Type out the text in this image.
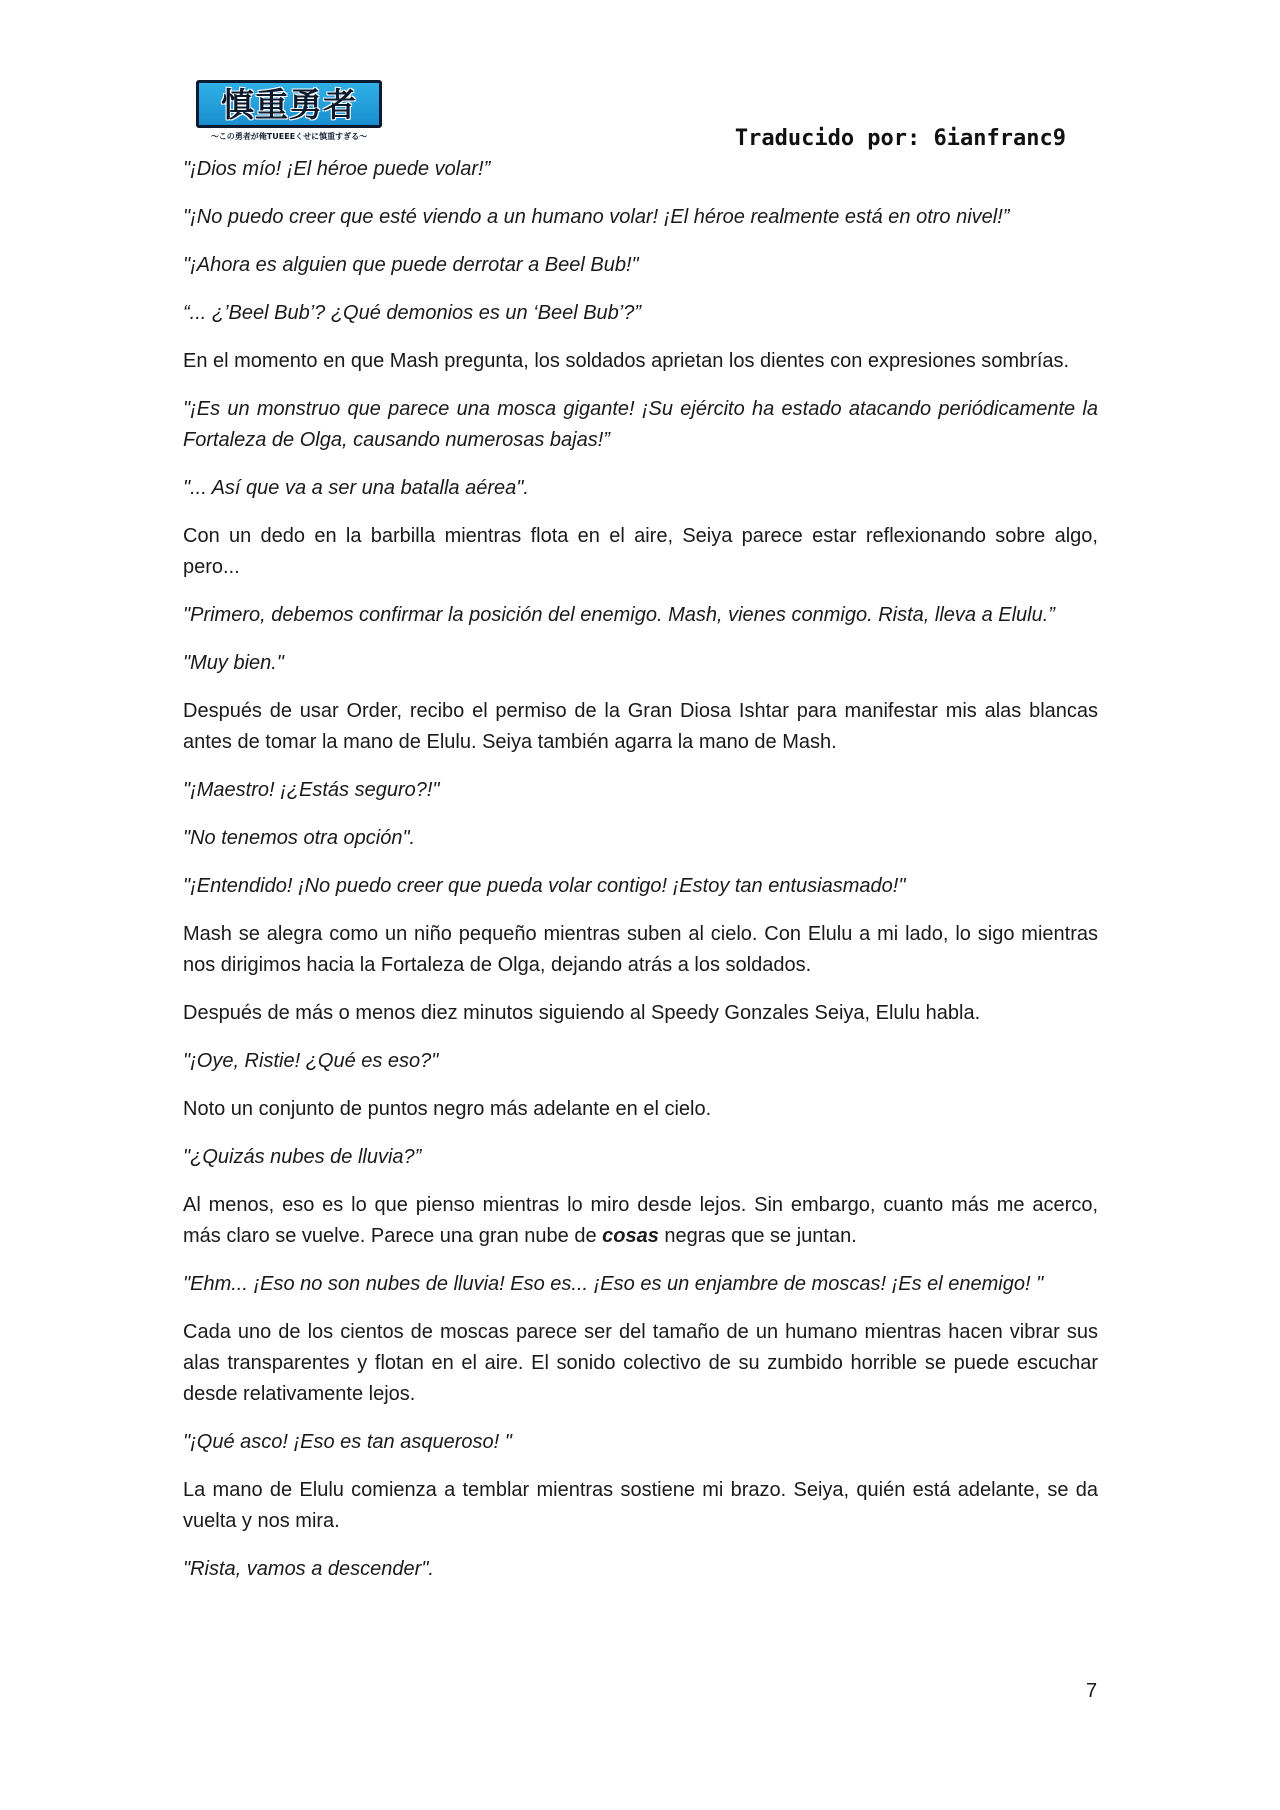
慎重勇者
〜この勇者が俺TUEEEくせに慎重すぎる〜	Traducido por: 6ianfranc9

"¡Dios mío! ¡El héroe puede volar!”

"¡No puedo creer que esté viendo a un humano volar! ¡El héroe realmente está en otro nivel!”

"¡Ahora es alguien que puede derrotar a Beel Bub!"

“... ¿’Beel Bub’? ¿Qué demonios es un ‘Beel Bub’?”

En el momento en que Mash pregunta, los soldados aprietan los dientes con expresiones sombrías.

"¡Es un monstruo que parece una mosca gigante! ¡Su ejército ha estado atacando periódicamente la Fortaleza de Olga, causando numerosas bajas!”

"... Así que va a ser una batalla aérea".

Con un dedo en la barbilla mientras flota en el aire, Seiya parece estar reflexionando sobre algo, pero...

"Primero, debemos confirmar la posición del enemigo. Mash, vienes conmigo. Rista, lleva a Elulu.”

"Muy bien."

Después de usar Order, recibo el permiso de la Gran Diosa Ishtar para manifestar mis alas blancas antes de tomar la mano de Elulu. Seiya también agarra la mano de Mash.

"¡Maestro! ¡¿Estás seguro?!"

"No tenemos otra opción".

"¡Entendido! ¡No puedo creer que pueda volar contigo! ¡Estoy tan entusiasmado!"

Mash se alegra como un niño pequeño mientras suben al cielo. Con Elulu a mi lado, lo sigo mientras nos dirigimos hacia la Fortaleza de Olga, dejando atrás a los soldados.

Después de más o menos diez minutos siguiendo al Speedy Gonzales Seiya, Elulu habla.

"¡Oye, Ristie! ¿Qué es eso?"

Noto un conjunto de puntos negro más adelante en el cielo.

"¿Quizás nubes de lluvia?”

Al menos, eso es lo que pienso mientras lo miro desde lejos. Sin embargo, cuanto más me acerco, más claro se vuelve. Parece una gran nube de cosas negras que se juntan.

"Ehm... ¡Eso no son nubes de lluvia! Eso es... ¡Eso es un enjambre de moscas! ¡Es el enemigo! "

Cada uno de los cientos de moscas parece ser del tamaño de un humano mientras hacen vibrar sus alas transparentes y flotan en el aire. El sonido colectivo de su zumbido horrible se puede escuchar desde relativamente lejos.

"¡Qué asco! ¡Eso es tan asqueroso! "

La mano de Elulu comienza a temblar mientras sostiene mi brazo. Seiya, quién está adelante, se da vuelta y nos mira.

"Rista, vamos a descender".

7
